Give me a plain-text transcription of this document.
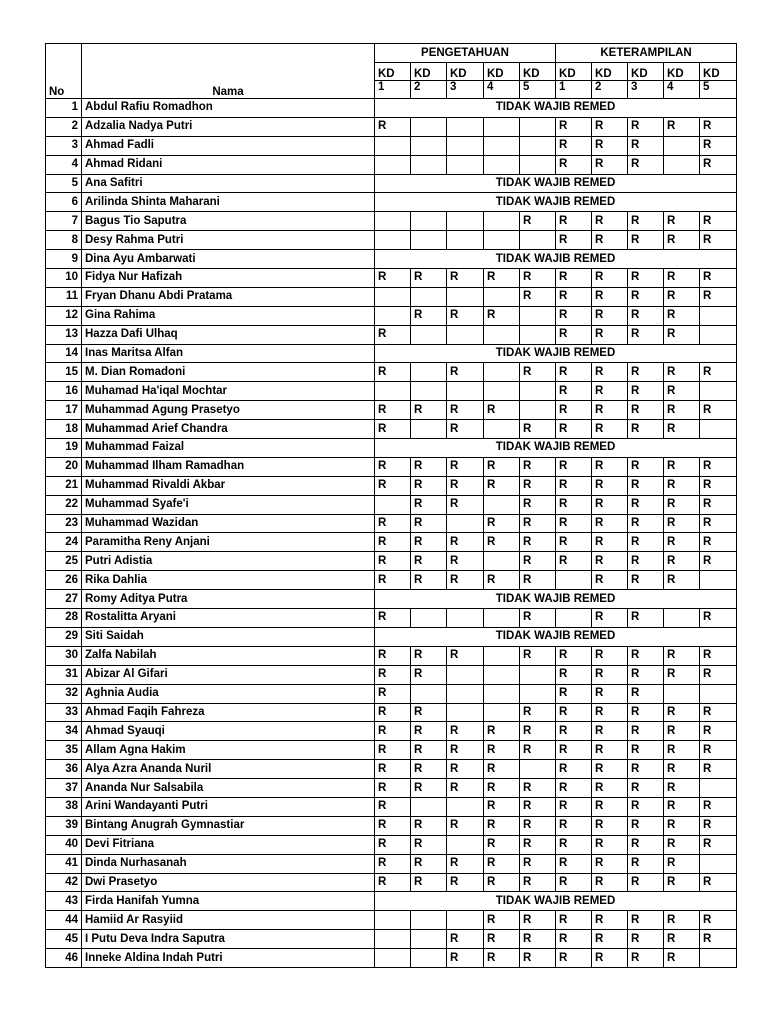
No	Nama	PENGETAHUAN					KETERAMPILAN				
		KD	KD	KD	KD	KD	KD	KD	KD	KD	KD
		1	2	3	4	5	1	2	3	4	5
1	Abdul Rafiu Romadhon	TIDAK WAJIB REMED									
2	Adzalia Nadya Putri	R					R	R	R	R	R
3	Ahmad Fadli						R	R	R		R
4	Ahmad Ridani						R	R	R		R
5	Ana Safitri	TIDAK WAJIB REMED									
6	Arilinda Shinta Maharani	TIDAK WAJIB REMED									
7	Bagus Tio Saputra					R	R	R	R	R	R
8	Desy Rahma Putri						R	R	R	R	R
9	Dina Ayu Ambarwati	TIDAK WAJIB REMED									
10	Fidya Nur Hafizah	R	R	R	R	R	R	R	R	R	R
11	Fryan Dhanu Abdi Pratama					R	R	R	R	R	R
12	Gina Rahima		R	R	R		R	R	R	R	
13	Hazza Dafi Ulhaq	R					R	R	R	R	
14	Inas Maritsa Alfan	TIDAK WAJIB REMED									
15	M. Dian Romadoni	R		R		R	R	R	R	R	R
16	Muhamad Ha'iqal Mochtar						R	R	R	R	
17	Muhammad Agung Prasetyo	R	R	R	R		R	R	R	R	R
18	Muhammad Arief Chandra	R		R		R	R	R	R	R	
19	Muhammad Faizal	TIDAK WAJIB REMED									
20	Muhammad Ilham Ramadhan	R	R	R	R	R	R	R	R	R	R
21	Muhammad Rivaldi Akbar	R	R	R	R	R	R	R	R	R	R
22	Muhammad Syafe'i		R	R		R	R	R	R	R	R
23	Muhammad Wazidan	R	R		R	R	R	R	R	R	R
24	Paramitha Reny Anjani	R	R	R	R	R	R	R	R	R	R
25	Putri Adistia	R	R	R		R	R	R	R	R	R
26	Rika Dahlia	R	R	R	R	R		R	R	R	
27	Romy Aditya Putra	TIDAK WAJIB REMED									
28	Rostalitta Aryani	R				R		R	R		R
29	Siti Saidah	TIDAK WAJIB REMED									
30	Zalfa Nabilah	R	R	R		R	R	R	R	R	R
31	Abizar Al Gifari	R	R				R	R	R	R	R
32	Aghnia Audia	R					R	R	R		
33	Ahmad Faqih Fahreza	R	R			R	R	R	R	R	R
34	Ahmad Syauqi	R	R	R	R	R	R	R	R	R	R
35	Allam Agna Hakim	R	R	R	R	R	R	R	R	R	R
36	Alya Azra Ananda Nuril	R	R	R	R		R	R	R	R	R
37	Ananda Nur Salsabila	R	R	R	R	R	R	R	R	R	
38	Arini Wandayanti Putri	R			R	R	R	R	R	R	R
39	Bintang Anugrah Gymnastiar	R	R	R	R	R	R	R	R	R	R
40	Devi Fitriana	R	R		R	R	R	R	R	R	R
41	Dinda Nurhasanah	R	R	R	R	R	R	R	R	R	
42	Dwi Prasetyo	R	R	R	R	R	R	R	R	R	R
43	Firda Hanifah Yumna	TIDAK WAJIB REMED									
44	Hamiid Ar Rasyiid				R	R	R	R	R	R	R
45	I Putu Deva Indra Saputra			R	R	R	R	R	R	R	R
46	Inneke Aldina Indah Putri			R	R	R	R	R	R	R	
